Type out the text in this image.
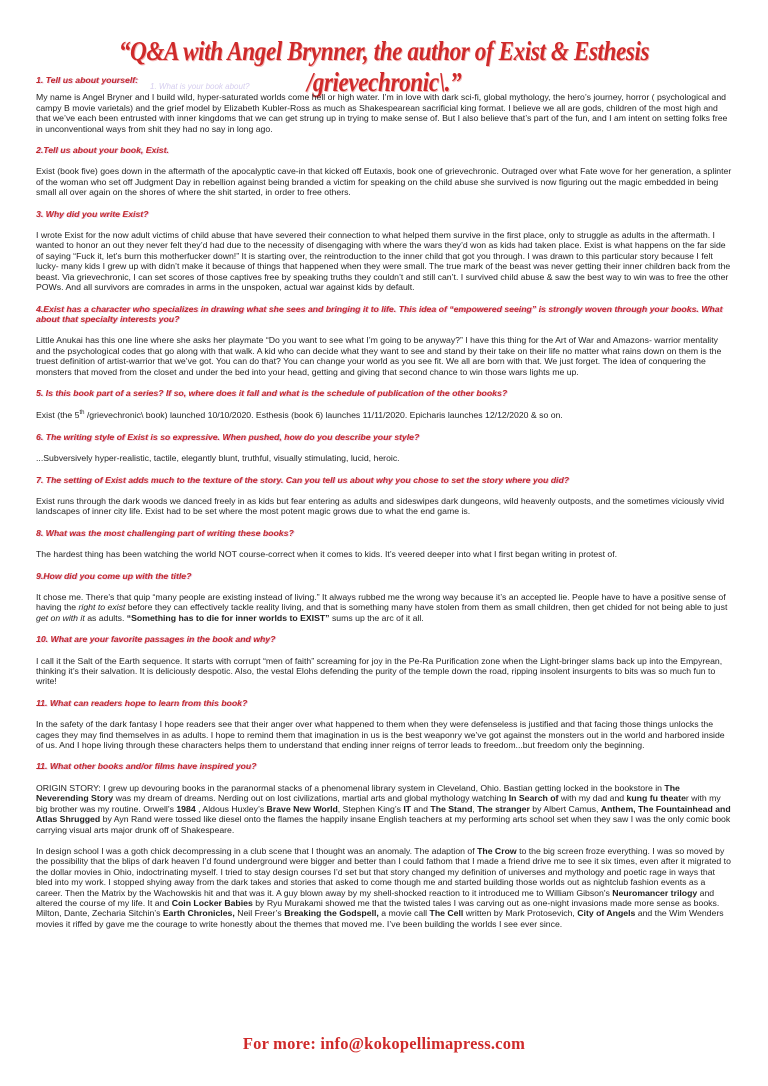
“Q&A with Angel Brynner, the author of Exist & Esthesis /grievechronic\.”
1. What is your book about?

1. Tell us about yourself:

My name is Angel Bryner and I build wild, hyper-saturated worlds come hell or high water. I’m in love with dark sci-fi, global mythology, the hero’s journey, horror ( psychological and campy B movie varietals) and the grief model by Elizabeth Kubler-Ross as much as Shakespearean sacrificial king format. I believe we all are gods, children of the most high and that we’ve each been entrusted with inner kingdoms that we can get strung up in trying to make sense of. But I also believe that’s part of the fun, and I am intent on setting folks free in unconventional ways from shit they had no say in long ago.

2.Tell us about your book, Exist.

Exist (book five) goes down in the aftermath of the apocalyptic cave-in that kicked off Eutaxis, book one of grievechronic. Outraged over what Fate wove for her generation, a splinter of the woman who set off Judgment Day in rebellion against being branded a victim for speaking on the child abuse she survived is now figuring out the magic embedded in being small all over again on the shores of where the shit started, in order to free others.

3. Why did you write Exist?

I wrote Exist for the now adult victims of child abuse that have severed their connection to what helped them survive in the first place, only to struggle as adults in the aftermath. I wanted to honor an out they never felt they’d had due to the necessity of disengaging with where the wars they’d won as kids had taken place. Exist is what happens on the far side of saying “Fuck it, let’s burn this motherfucker down!” It is starting over, the reintroduction to the inner child that got you through. I was drawn to this particular story because I felt lucky- many kids I grew up with didn’t make it because of things that happened when they were small. The true mark of the beast was never getting their inner children back from the beast. Via grievechronic, I can set scores of those captives free by speaking truths they couldn’t and still can’t. I survived child abuse & saw the best way to win was to free the other POWs. And all survivors are comrades in arms in the unspoken, actual war against kids by default.

4.Exist has a character who specializes in drawing what she sees and bringing it to life. This idea of “empowered seeing” is strongly woven through your books. What about that specialty interests you?

Little Anukai has this one line where she asks her playmate “Do you want to see what I’m going to be anyway?” I have this thing for the Art of War and Amazons- warrior mentality and the psychological codes that go along with that walk. A kid who can decide what they want to see and stand by their take on their life no matter what rains down on them is the truest definition of artist-warrior that we’ve got. You can do that? You can change your world as you see fit. We all are born with that. We just forget. The idea of conquering the monsters that moved from the closet and under the bed into your head, getting and giving that second chance to win those wars lights me up.

5. Is this book part of a series? If so, where does it fall and what is the schedule of publication of the other books?

Exist (the 5th /grievechronic\ book) launched 10/10/2020. Esthesis (book 6) launches 11/11/2020. Epicharis launches 12/12/2020 & so on.

6. The writing style of Exist is so expressive. When pushed, how do you describe your style?

...Subversively hyper-realistic, tactile, elegantly blunt, truthful, visually stimulating, lucid, heroic.

7. The setting of Exist adds much to the texture of the story. Can you tell us about why you chose to set the story where you did?

Exist runs through the dark woods we danced freely in as kids but fear entering as adults and sideswipes dark dungeons, wild heavenly outposts, and the sometimes viciously vivid landscapes of inner city life. Exist had to be set where the most potent magic grows due to what the end game is.

8. What was the most challenging part of writing these books?

The hardest thing has been watching the world NOT course-correct when it comes to kids. It’s veered deeper into what I first began writing in protest of.

9.How did you come up with the title?

It chose me. There’s that quip “many people are existing instead of living.” It always rubbed me the wrong way because it’s an accepted lie. People have to have a positive sense of having the right to exist before they can effectively tackle reality living, and that is something many have stolen from them as small children, then get chided for not being able to just get on with it as adults. “Something has to die for inner worlds to EXIST” sums up the arc of it all.

10. What are your favorite passages in the book and why?

I call it the Salt of the Earth sequence. It starts with corrupt “men of faith” screaming for joy in the Pe-Ra Purification zone when the Light-bringer slams back up into the Empyrean, thinking it’s their salvation. It is deliciously despotic. Also, the vestal Elohs defending the purity of the temple down the road, ripping insolent insurgents to bits was so much fun to write!

11. What can readers hope to learn from this book?

In the safety of the dark fantasy I hope readers see that their anger over what happened to them when they were defenseless is justified and that facing those things unlocks the cages they may find themselves in as adults. I hope to remind them that imagination in us is the best weaponry we’ve got against the monsters out in the world and harbored inside of us. And I hope living through these characters helps them to understand that ending inner reigns of terror leads to freedom...but freedom only the beginning.

11. What other books and/or films have inspired you?

ORIGIN STORY: I grew up devouring books in the paranormal stacks of a phenomenal library system in Cleveland, Ohio. Bastian getting locked in the bookstore in The Neverending Story was my dream of dreams. Nerding out on lost civilizations, martial arts and global mythology watching In Search of with my dad and kung fu theater with my big brother was my routine. Orwell’s 1984 , Aldous Huxley’s Brave New World, Stephen King’s IT and The Stand, The stranger by Albert Camus, Anthem, The Fountainhead and Atlas Shrugged by Ayn Rand were tossed like diesel onto the flames the happily insane English teachers at my performing arts school set when they saw I was the only comic book carrying visual arts major drunk off of Shakespeare.

In design school I was a goth chick decompressing in a club scene that I thought was an anomaly. The adaption of The Crow to the big screen froze everything. I was so moved by the possibility that the blips of dark heaven I’d found underground were bigger and better than I could fathom that I made a friend drive me to see it six times, even after it migrated to the dollar movies in Ohio, indoctrinating myself. I tried to stay design courses I’d set but that story changed my definition of universes and mythology and poetic rage in ways that bled into my work. I stopped shying away from the dark takes and stories that asked to come though me and started building those worlds out as nightclub fashion events as a career. Then the Matrix by the Wachowskis hit and that was it. A guy blown away by my shell-shocked reaction to it introduced me to William Gibson's Neuromancer trilogy and altered the course of my life. It and Coin Locker Babies by Ryu Murakami showed me that the twisted tales I was carving out as one-night invasions made more sense as books. Milton, Dante, Zecharia Sitchin’s Earth Chronicles, Neil Freer’s Breaking the Godspell, a movie call The Cell written by Mark Protosevich, City of Angels and the Wim Wenders movies it riffed by gave me the courage to write honestly about the themes that moved me. I’ve been building the worlds I see ever since.

For more: info@kokopellimapress.com
